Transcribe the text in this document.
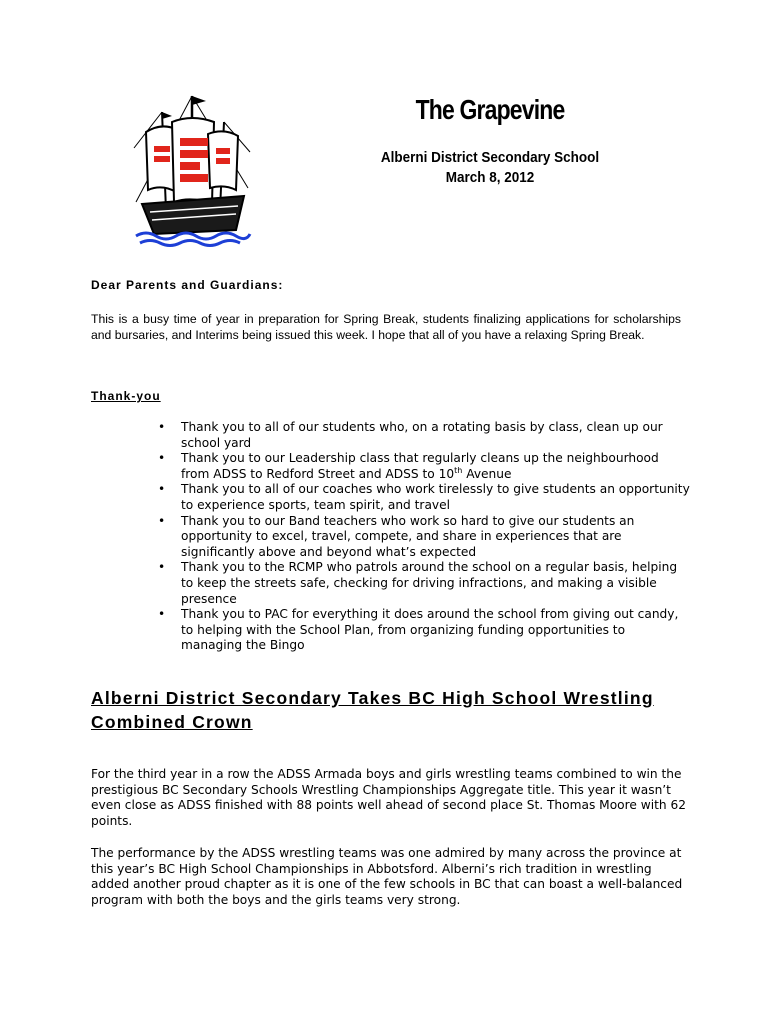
The Grapevine
Alberni District Secondary School
March 8, 2012
Dear Parents and Guardians:
This is a busy time of year in preparation for Spring Break, students finalizing applications for scholarships and bursaries, and Interims being issued this week. I hope that all of you have a relaxing Spring Break.
Thank-you
• Thank you to all of our students who, on a rotating basis by class, clean up our school yard
• Thank you to our Leadership class that regularly cleans up the neighbourhood from ADSS to Redford Street and ADSS to 10th Avenue
• Thank you to all of our coaches who work tirelessly to give students an opportunity to experience sports, team spirit, and travel
• Thank you to our Band teachers who work so hard to give our students an opportunity to excel, travel, compete, and share in experiences that are significantly above and beyond what’s expected
• Thank you to the RCMP who patrols around the school on a regular basis, helping to keep the streets safe, checking for driving infractions, and making a visible presence
• Thank you to PAC for everything it does around the school from giving out candy, to helping with the School Plan, from organizing funding opportunities to managing the Bingo
Alberni District Secondary Takes BC High School Wrestling Combined Crown

For the third year in a row the ADSS Armada boys and girls wrestling teams combined to win the prestigious BC Secondary Schools Wrestling Championships Aggregate title. This year it wasn’t even close as ADSS finished with 88 points well ahead of second place St. Thomas Moore with 62 points.

The performance by the ADSS wrestling teams was one admired by many across the province at this year’s BC High School Championships in Abbotsford. Alberni’s rich tradition in wrestling added another proud chapter as it is one of the few schools in BC that can boast a well-balanced program with both the boys and the girls teams very strong.
